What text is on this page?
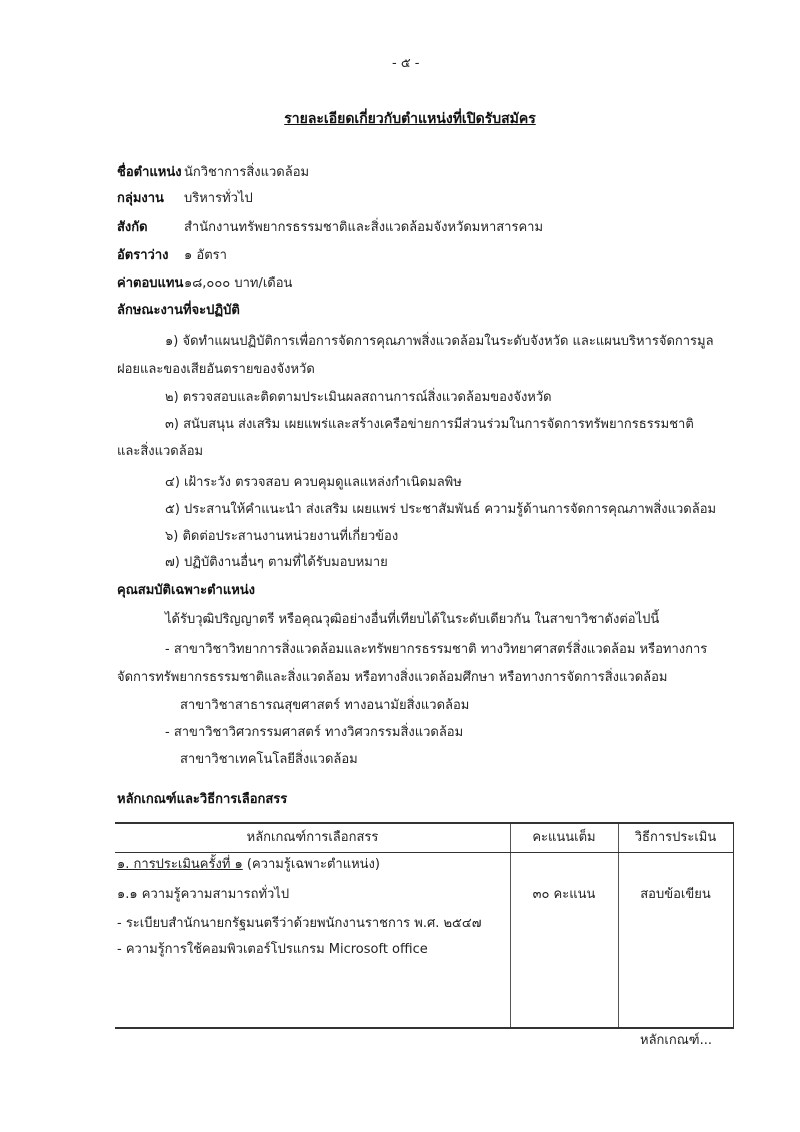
- ๕ -
รายละเอียดเกี่ยวกับตำแหน่งที่เปิดรับสมัคร
ชื่อตำแหน่ง นักวิชาการสิ่งแวดล้อม
กลุ่มงาน บริหารทั่วไป
สังกัด	สำนักงานทรัพยากรธรรมชาติและสิ่งแวดล้อมจังหวัดมหาสารคาม
อัตราว่าง ๑ อัตรา
ค่าตอบแทน ๑๘,๐๐๐ บาท/เดือน
ลักษณะงานที่จะปฏิบัติ
๑) จัดทำแผนปฏิบัติการเพื่อการจัดการคุณภาพสิ่งแวดล้อมในระดับจังหวัด และแผนบริหารจัดการมูล
ฝอยและของเสียอันตรายของจังหวัด
๒) ตรวจสอบและติดตามประเมินผลสถานการณ์สิ่งแวดล้อมของจังหวัด
๓) สนับสนุน ส่งเสริม เผยแพร่และสร้างเครือข่ายการมีส่วนร่วมในการจัดการทรัพยากรธรรมชาติ
และสิ่งแวดล้อม
๔) เฝ้าระวัง ตรวจสอบ ควบคุมดูแลแหล่งกำเนิดมลพิษ
๕) ประสานให้คำแนะนำ ส่งเสริม เผยแพร่ ประชาสัมพันธ์ ความรู้ด้านการจัดการคุณภาพสิ่งแวดล้อม
๖) ติดต่อประสานงานหน่วยงานที่เกี่ยวข้อง
๗) ปฏิบัติงานอื่นๆ ตามที่ได้รับมอบหมาย
คุณสมบัติเฉพาะตำแหน่ง
ได้รับวุฒิปริญญาตรี หรือคุณวุฒิอย่างอื่นที่เทียบได้ในระดับเดียวกัน ในสาขาวิชาดังต่อไปนี้
- สาขาวิชาวิทยาการสิ่งแวดล้อมและทรัพยากรธรรมชาติ ทางวิทยาศาสตร์สิ่งแวดล้อม หรือทางการ
จัดการทรัพยากรธรรมชาติและสิ่งแวดล้อม หรือทางสิ่งแวดล้อมศึกษา หรือทางการจัดการสิ่งแวดล้อม
สาขาวิชาสาธารณสุขศาสตร์ ทางอนามัยสิ่งแวดล้อม
- สาขาวิชาวิศวกรรมศาสตร์ ทางวิศวกรรมสิ่งแวดล้อม
สาขาวิชาเทคโนโลยีสิ่งแวดล้อม
หลักเกณฑ์และวิธีการเลือกสรร
หลักเกณฑ์การเลือกสรร	คะแนนเต็ม	วิธีการประเมิน
๑. การประเมินครั้งที่ ๑ (ความรู้เฉพาะตำแหน่ง)
๑.๑ ความรู้ความสามารถทั่วไป	๓๐ คะแนน	สอบข้อเขียน
- ระเบียบสำนักนายกรัฐมนตรีว่าด้วยพนักงานราชการ พ.ศ. ๒๕๔๗
- ความรู้การใช้คอมพิวเตอร์โปรแกรม Microsoft office
หลักเกณฑ์...
